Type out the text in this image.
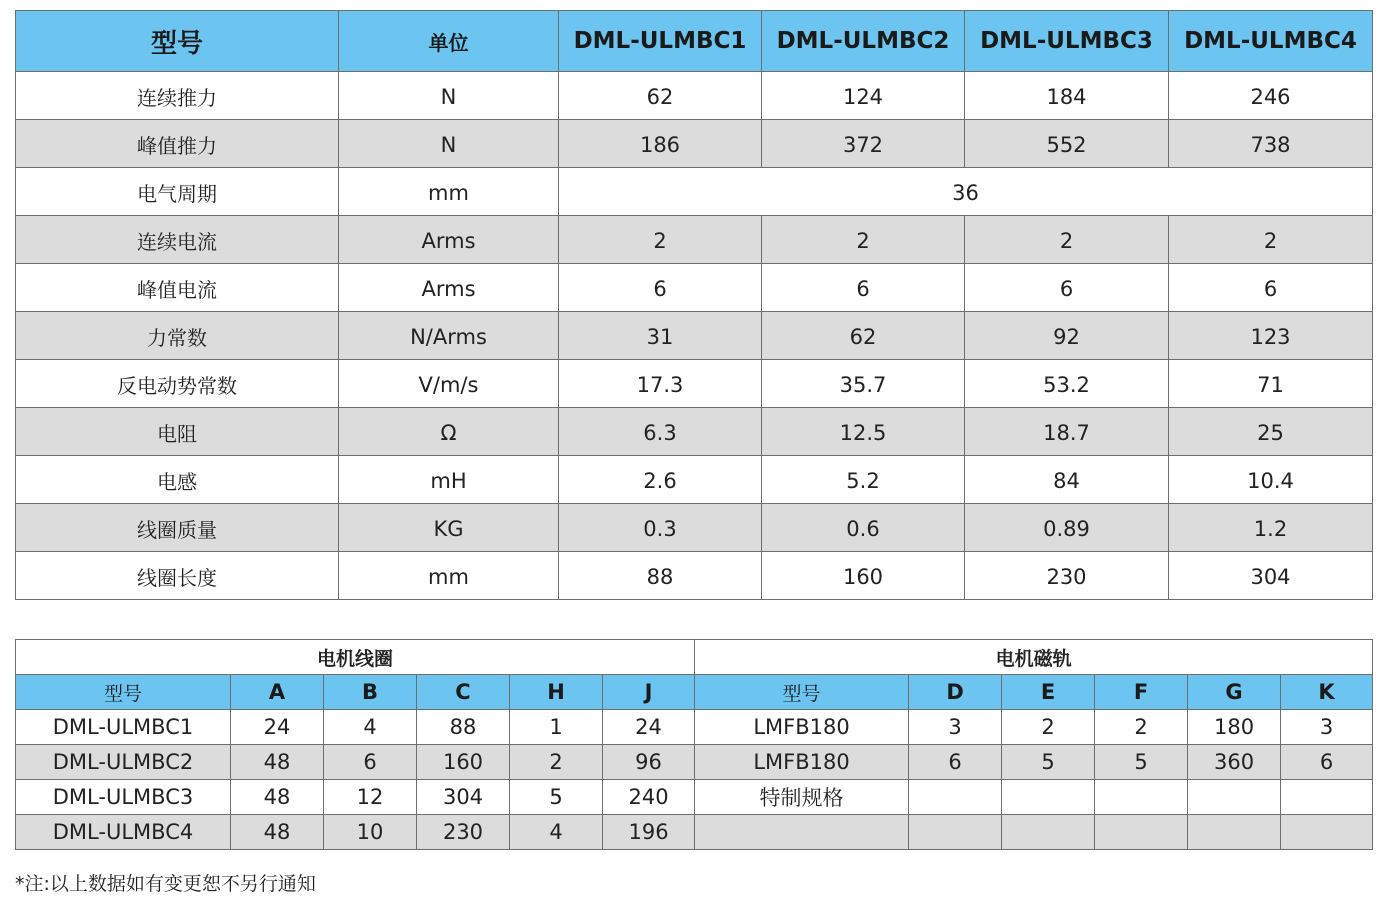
型号	单位	DML-ULMBC1	DML-ULMBC2	DML-ULMBC3	DML-ULMBC4
连续推力	N	62	124	184	246
峰值推力	N	186	372	552	738
电气周期	mm	36			
连续电流	Arms	2	2	2	2
峰值电流	Arms	6	6	6	6
力常数	N/Arms	31	62	92	123
反电动势常数	V/m/s	17.3	35.7	53.2	71
电阻	Ω	6.3	12.5	18.7	25
电感	mH	2.6	5.2	84	10.4
线圈质量	KG	0.3	0.6	0.89	1.2
线圈长度	mm	88	160	230	304
电机线圈						电机磁轨					
型号	A	B	C	H	J	型号	D	E	F	G	K
DML-ULMBC1	24	4	88	1	24	LMFB180	3	2	2	180	3
DML-ULMBC2	48	6	160	2	96	LMFB180	6	5	5	360	6
DML-ULMBC3	48	12	304	5	240	特制规格					
DML-ULMBC4	48	10	230	4	196						
*注:以上数据如有变更恕不另行通知
